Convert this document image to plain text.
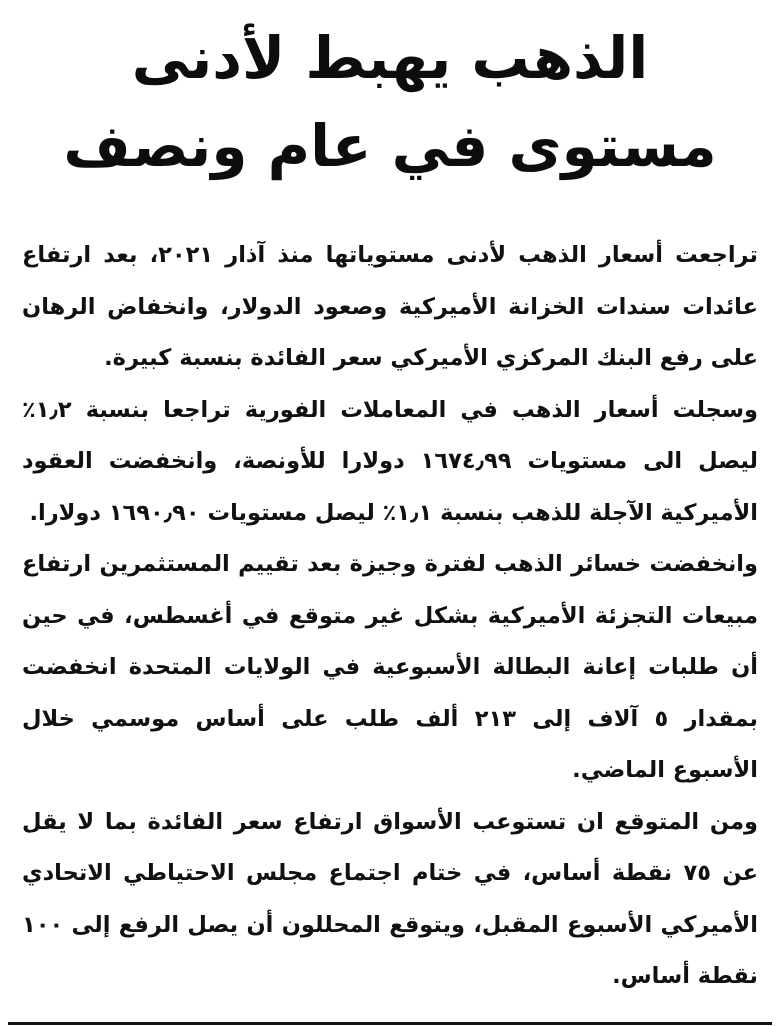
الذهب يهبط لأدنى
مستوى في عام ونصف

تراجعت أسعار الذهب لأدنى مستوياتها منذ آذار ٢٠٢١، بعد ارتفاع عائدات سندات الخزانة الأميركية وصعود الدولار، وانخفاض الرهان على رفع البنك المركزي الأميركي سعر الفائدة بنسبة كبيرة.

وسجلت أسعار الذهب في المعاملات الفورية تراجعا بنسبة ١٫٢٪ ليصل الى مستويات ١٦٧٤٫٩٩ دولارا للأونصة، وانخفضت العقود الأميركية الآجلة للذهب بنسبة ١٫١٪ ليصل مستويات ١٦٩٠٫٩٠ دولارا.

وانخفضت خسائر الذهب لفترة وجيزة بعد تقييم المستثمرين ارتفاع مبيعات التجزئة الأميركية بشكل غير متوقع في أغسطس، في حين أن طلبات إعانة البطالة الأسبوعية في الولايات المتحدة انخفضت بمقدار ٥ آلاف إلى ٢١٣ ألف طلب على أساس موسمي خلال الأسبوع الماضي.

ومن المتوقع ان تستوعب الأسواق ارتفاع سعر الفائدة بما لا يقل عن ٧٥ نقطة أساس، في ختام اجتماع مجلس الاحتياطي الاتحادي الأميركي الأسبوع المقبل، ويتوقع المحللون أن يصل الرفع إلى ١٠٠ نقطة أساس.
